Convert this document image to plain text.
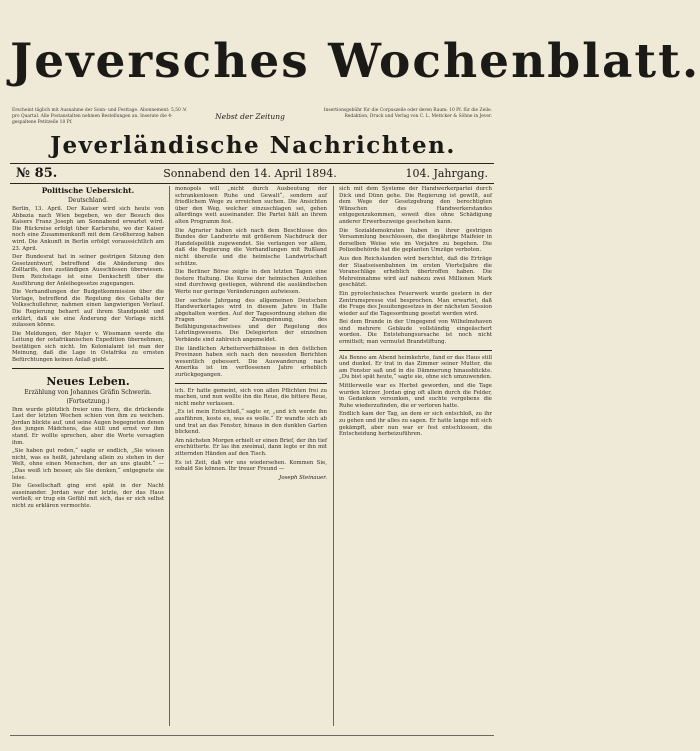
Jeversches Wochenblatt.
Erscheint täglich mit Ausnahme der Sonn- und Festtage. Abonnement: 5,50 ℳ pro Quartal. Alle Postanstalten nehmen Bestellungen an. Inserate die 4-gespaltene Petitzeile 10 Pf.
Nebst der Zeitung
Insertionsgebühr für die Corpuszeile oder deren Raum: 10 Pf. für die Zeile. Redaktion, Druck und Verlag von C. L. Mettcker & Söhne in Jever.
Jeverländische Nachrichten.
№ 85.	Sonnabend den 14. April 1894.	104. Jahrgang.
Politische Uebersicht.
Deutschland.

Berlin, 13. April. Der Kaiser wird sich heute von Abbazia nach Wien begeben, wo der Besuch des Kaisers Franz Joseph am Sonnabend erwartet wird. Die Rückreise erfolgt über Karlsruhe, wo der Kaiser noch eine Zusammenkunft mit dem Großherzog haben wird. Die Ankunft in Berlin erfolgt voraussichtlich am 23. April.

Der Bundesrat hat in seiner gestrigen Sitzung den Gesetzentwurf, betreffend die Abänderung des Zolltarifs, den zuständigen Ausschüssen überwiesen. Dem Reichstage ist eine Denkschrift über die Ausführung der Anleihegesetze zugegangen.

Die Verhandlungen der Budgetkommission über die Vorlage, betreffend die Regelung des Gehalts der Volksschullehrer, nahmen einen langwierigen Verlauf. Die Regierung beharrt auf ihrem Standpunkt und erklärt, daß sie eine Änderung der Vorlage nicht zulassen könne.

Die Meldungen, der Major v. Wissmann werde die Leitung der ostafrikanischen Expedition übernehmen, bestätigen sich nicht. Im Kolonialamt ist man der Meinung, daß die Lage in Ostafrika zu ernsten Befürchtungen keinen Anlaß giebt.

Neues Leben.
Erzählung von Johannes Gräfin Schwerin.
(Fortsetzung.)

Ihm wurde plötzlich freier ums Herz, die drückende Last der letzten Wochen schien von ihm zu weichen. Jordan blickte auf, und seine Augen begegneten denen des jungen Mädchens, das still und ernst vor ihm stand. Er wollte sprechen, aber die Worte versagten ihm.

„Sie haben gut reden,“ sagte er endlich, „Sie wissen nicht, was es heißt, jahrelang allein zu stehen in der Welt, ohne einen Menschen, der an uns glaubt.“ — „Das weiß ich besser, als Sie denken,“ entgegnete sie leise.

Die Gesellschaft ging erst spät in der Nacht auseinander. Jordan war der letzte, der das Haus verließ; er trug ein Gefühl mit sich, das er sich selbst nicht zu erklären vermochte.

monopols will „nicht durch Ausbeutung der schrankenlosen Ruhe und Gewalt“, sondern auf friedlichem Wege zu erreichen suchen. Die Ansichten über den Weg, welcher einzuschlagen sei, gehen allerdings weit auseinander. Die Partei hält an ihrem alten Programm fest.

Die Agrarier haben sich nach dem Beschlusse des Bundes der Landwirte mit größerem Nachdruck der Handelspolitik zugewendet. Sie verlangen vor allem, daß die Regierung die Verhandlungen mit Rußland nicht übereile und die heimische Landwirtschaft schütze.

Die Berliner Börse zeigte in den letzten Tagen eine festere Haltung. Die Kurse der heimischen Anleihen sind durchweg gestiegen, während die ausländischen Werte nur geringe Veränderungen aufwiesen.

Der sechste Jahrgang des allgemeinen Deutschen Handwerkertages wird in diesem Jahre in Halle abgehalten werden. Auf der Tagesordnung stehen die Fragen der Zwangsinnung, des Befähigungsnachweises und der Regelung des Lehrlingswesens. Die Delegierten der einzelnen Verbände sind zahlreich angemeldet.

Die ländlichen Arbeiterverhältnisse in den östlichen Provinzen haben sich nach den neuesten Berichten wesentlich gebessert. Die Auswanderung nach Amerika ist im verflossenen Jahre erheblich zurückgegangen.

ich. Er hatte gemeint, sich von allen Pflichten frei zu machen, und nun wollte ihn die Reue, die bittere Reue, nicht mehr verlassen.

„Es ist mein Entschluß,“ sagte er, „und ich werde ihn ausführen, koste es, was es wolle.“ Er wandte sich ab und trat an das Fenster, hinaus in den dunklen Garten blickend.

Am nächsten Morgen erhielt er einen Brief, der ihn tief erschütterte. Er las ihn zweimal, dann legte er ihn mit zitternden Händen auf den Tisch.

Es ist Zeit, daß wir uns wiedersehen. Kommen Sie, sobald Sie können. Ihr treuer Freund —

Joseph Steinauer.

sich mit dem Systeme der Handwerkerpartei durch Dick und Dünn gehe. Die Regierung ist gewillt, auf dem Wege der Gesetzgebung den berechtigten Wünschen des Handwerkerstandes entgegenzukommen, soweit dies ohne Schädigung anderer Erwerbszweige geschehen kann.

Die Sozialdemokraten haben in ihrer gestrigen Versammlung beschlossen, die diesjährige Maifeier in derselben Weise wie im Vorjahre zu begehen. Die Polizeibehörde hat die geplanten Umzüge verboten.

Aus den Reichslanden wird berichtet, daß die Erträge der Staatseisenbahnen im ersten Vierteljahre die Voranschläge erheblich übertroffen haben. Die Mehreinnahme wird auf nahezu zwei Millionen Mark geschätzt.

Ein pyrotechnisches Feuerwerk wurde gestern in der Zentrumspresse viel besprochen. Man erwartet, daß die Frage des Jesuitengesetzes in der nächsten Session wieder auf die Tagesordnung gesetzt werden wird.

Bei dem Brande in der Umgegend von Wilhelmshaven sind mehrere Gebäude vollständig eingeäschert worden. Die Entstehungsursache ist noch nicht ermittelt; man vermutet Brandstiftung.

Als Benno am Abend heimkehrte, fand er das Haus still und dunkel. Er trat in das Zimmer seiner Mutter, die am Fenster saß und in die Dämmerung hinausblickte. „Du bist spät heute,“ sagte sie, ohne sich umzuwenden.

Mittlerweile war es Herbst geworden, und die Tage wurden kürzer. Jordan ging oft allein durch die Felder, in Gedanken versunken, und suchte vergebens die Ruhe wiederzufinden, die er verloren hatte.

Endlich kam der Tag, an dem er sich entschloß, zu ihr zu gehen und ihr alles zu sagen. Er hatte lange mit sich gekämpft, aber nun war er fest entschlossen, die Entscheidung herbeizuführen.
